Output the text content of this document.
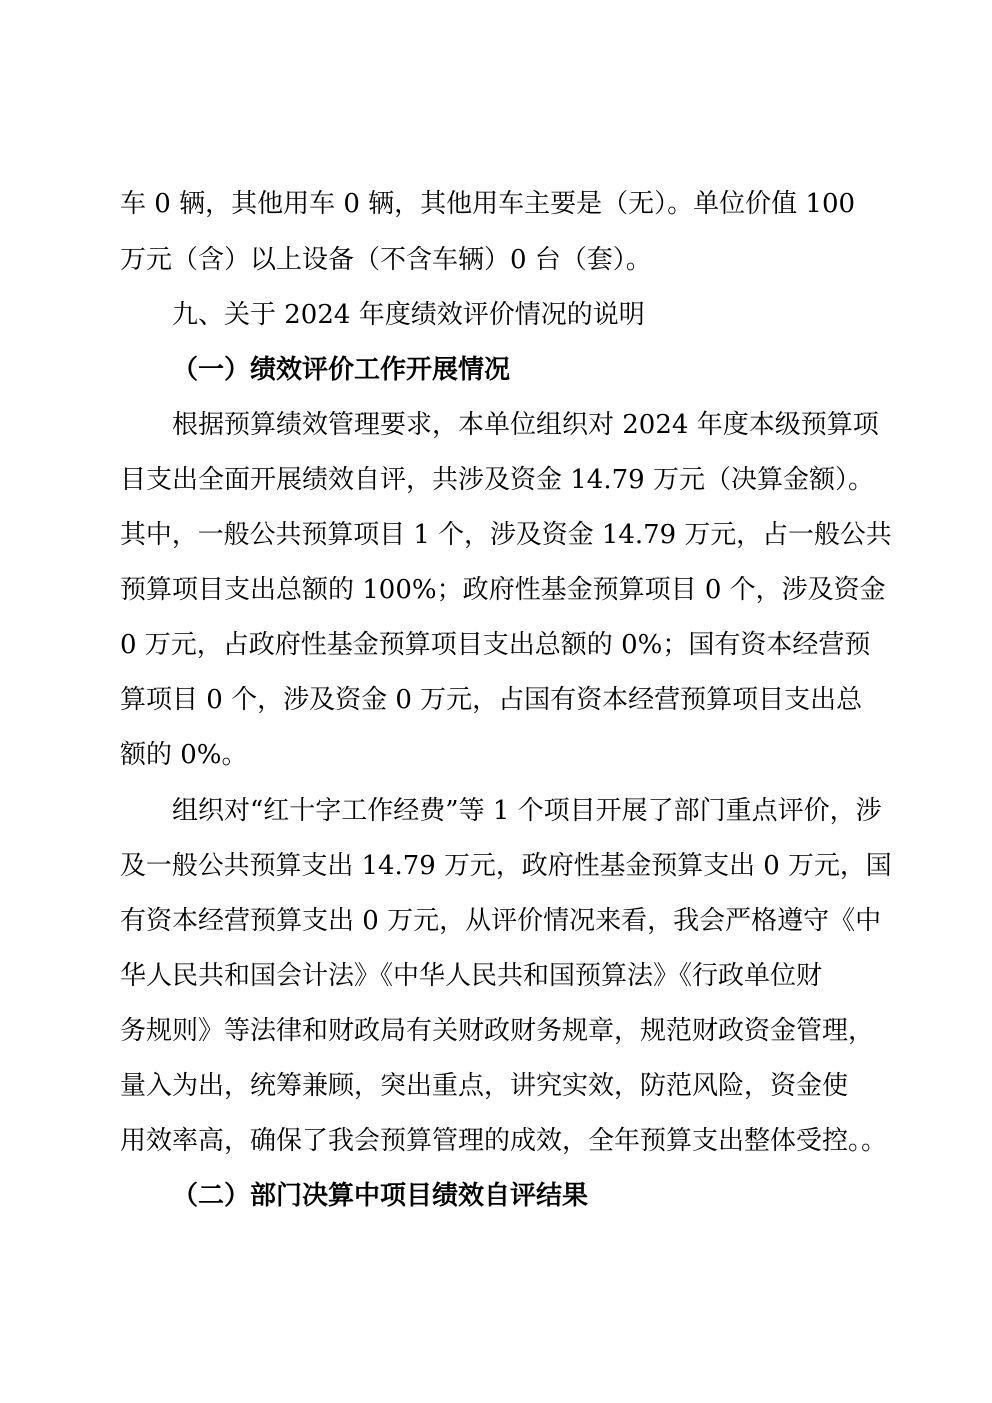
车 0 辆，其他用车 0 辆，其他用车主要是（无）。单位价值 100
万元（含）以上设备（不含车辆）0 台（套）。
九、关于 2024 年度绩效评价情况的说明
（一）绩效评价工作开展情况
根据预算绩效管理要求，本单位组织对 2024 年度本级预算项
目支出全面开展绩效自评，共涉及资金 14.79 万元（决算金额）。
其中，一般公共预算项目 1 个，涉及资金 14.79 万元，占一般公共
预算项目支出总额的 100%；政府性基金预算项目 0 个，涉及资金
0 万元，占政府性基金预算项目支出总额的 0%；国有资本经营预
算项目 0 个，涉及资金 0 万元，占国有资本经营预算项目支出总
额的 0%。
组织对“红十字工作经费”等 1 个项目开展了部门重点评价，涉
及一般公共预算支出 14.79 万元，政府性基金预算支出 0 万元，国
有资本经营预算支出 0 万元，从评价情况来看，我会严格遵守《中
华人民共和国会计法》《中华人民共和国预算法》《行政单位财
务规则》等法律和财政局有关财政财务规章，规范财政资金管理，
量入为出，统筹兼顾，突出重点，讲究实效，防范风险，资金使
用效率高，确保了我会预算管理的成效，全年预算支出整体受控。。
（二）部门决算中项目绩效自评结果
